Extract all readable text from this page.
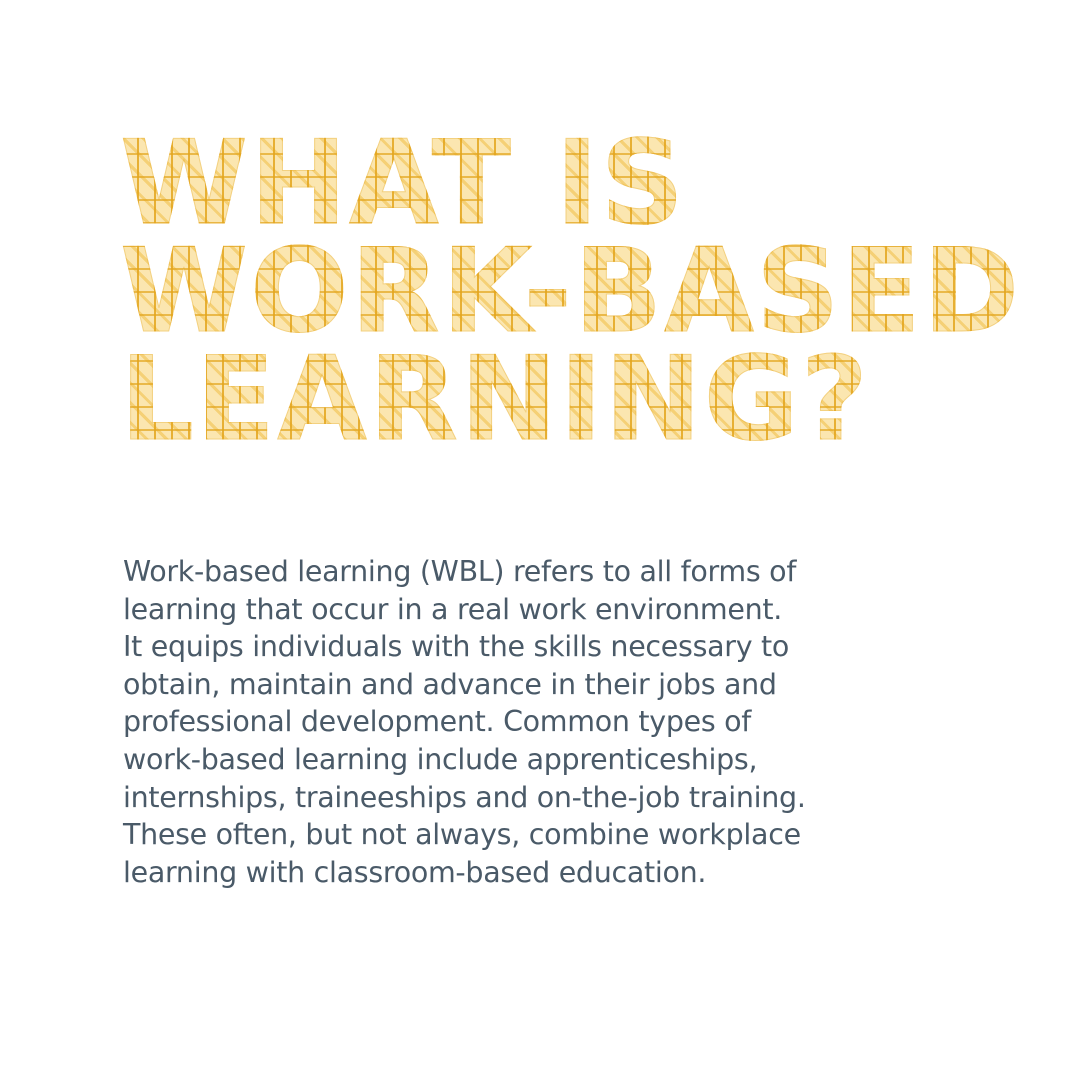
WHAT IS
WORK-BASED
LEARNING?

Work-based learning (WBL) refers to all forms of
learning that occur in a real work environment.
It equips individuals with the skills necessary to
obtain, maintain and advance in their jobs and
professional development. Common types of
work-based learning include apprenticeships,
internships, traineeships and on-the-job training.
These often, but not always, combine workplace
learning with classroom-based education.
